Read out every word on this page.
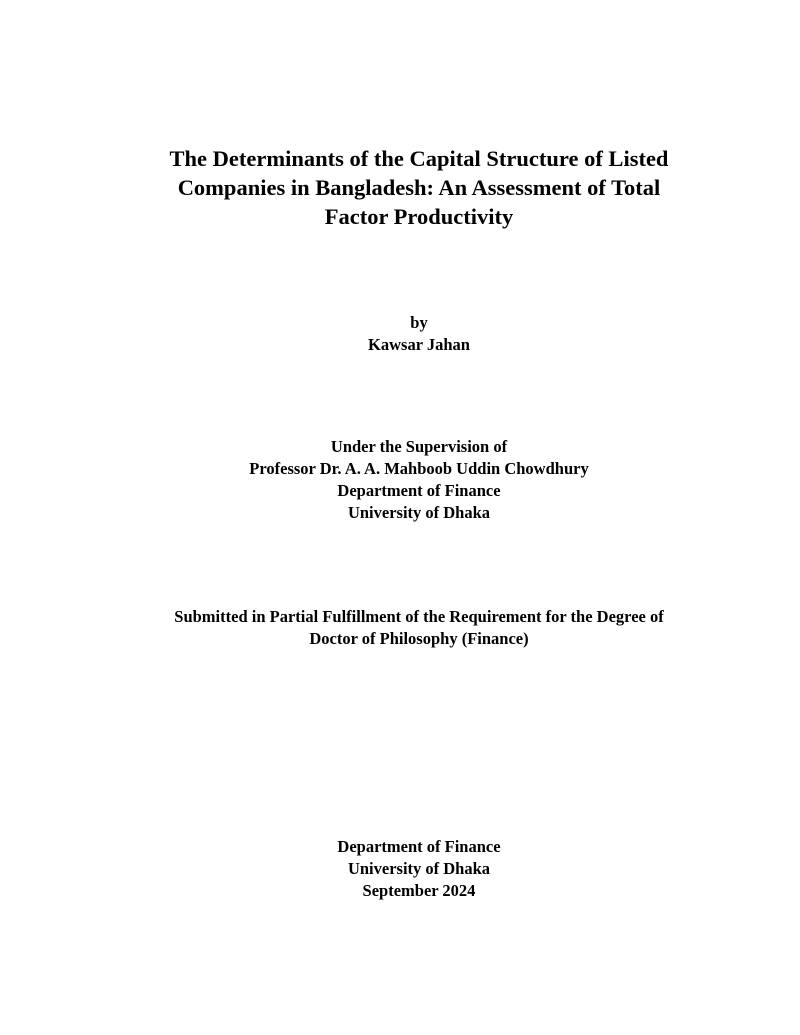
The Determinants of the Capital Structure of Listed
Companies in Bangladesh: An Assessment of Total
Factor Productivity
by
Kawsar Jahan
Under the Supervision of
Professor Dr. A. A. Mahboob Uddin Chowdhury
Department of Finance
University of Dhaka
Submitted in Partial Fulfillment of the Requirement for the Degree of
Doctor of Philosophy (Finance)
Department of Finance
University of Dhaka
September 2024
